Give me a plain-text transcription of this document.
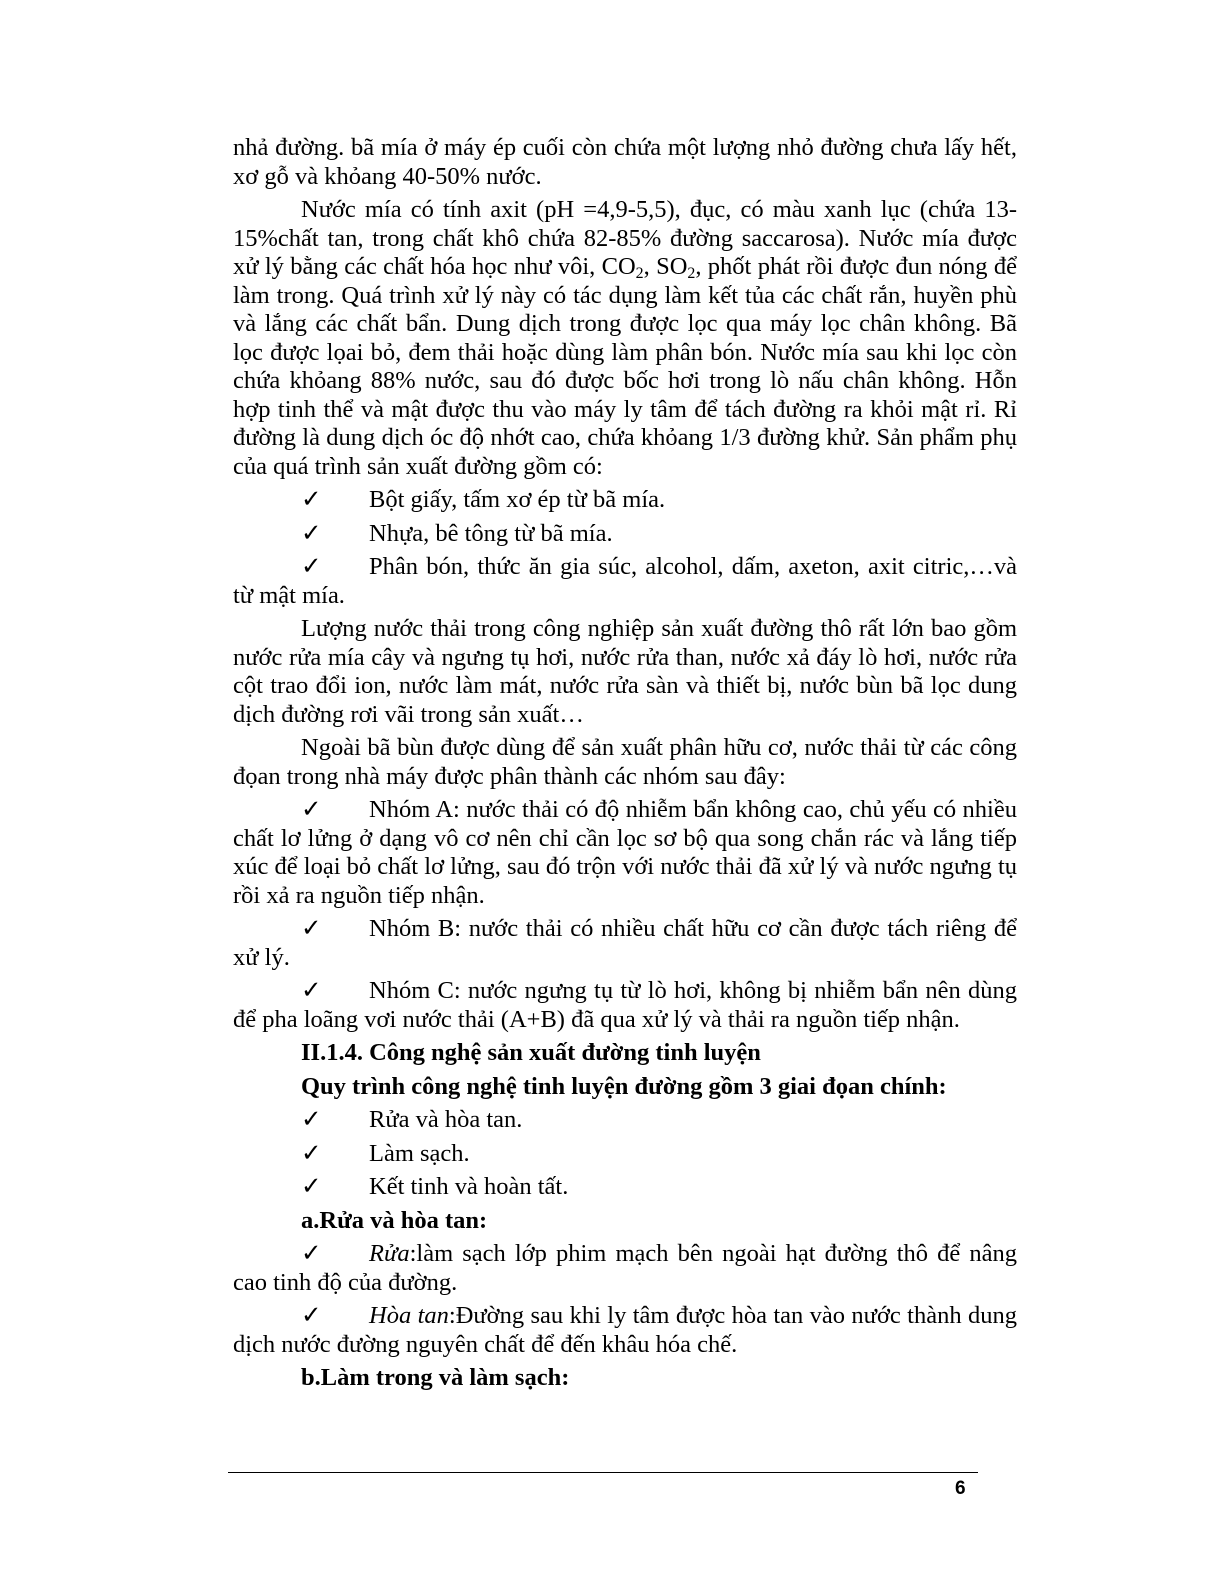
nhả đường. bã mía ở máy ép cuối còn chứa một lượng nhỏ đường chưa lấy hết, xơ gỗ và khỏang 40-50% nước.

Nước mía có tính axit (pH =4,9-5,5), đục, có màu xanh lục (chứa 13-15%chất tan, trong chất khô chứa 82-85% đường saccarosa). Nước mía được xử lý bằng các chất hóa học như vôi, $CO_2$, $SO_2$, phốt phát rồi được đun nóng để làm trong. Quá trình xử lý này có tác dụng làm kết tủa các chất rắn, huyền phù và lắng các chất bẩn. Dung dịch trong được lọc qua máy lọc chân không. Bã lọc được lọai bỏ, đem thải hoặc dùng làm phân bón. Nước mía sau khi lọc còn chứa khỏang 88% nước, sau đó được bốc hơi trong lò nấu chân không. Hỗn hợp tinh thể và mật được thu vào máy ly tâm để tách đường ra khỏi mật rỉ. Rỉ đường là dung dịch óc độ nhớt cao, chứa khỏang 1/3 đường khử. Sản phẩm phụ của quá trình sản xuất đường gồm có:

✓ Bột giấy, tấm xơ ép từ bã mía.
✓ Nhựa, bê tông từ bã mía.

✓ Phân bón, thức ăn gia súc, alcohol, dấm, axeton, axit citric,…và từ mật mía.

Lượng nước thải trong công nghiệp sản xuất đường thô rất lớn bao gồm nước rửa mía cây và ngưng tụ hơi, nước rửa than, nước xả đáy lò hơi, nước rửa cột trao đổi ion, nước làm mát, nước rửa sàn và thiết bị, nước bùn bã lọc dung dịch đường rơi vãi trong sản xuất…

Ngoài bã bùn được dùng để sản xuất phân hữu cơ, nước thải từ các công đọan trong nhà máy được phân thành các nhóm sau đây:

✓ Nhóm A: nước thải có độ nhiễm bẩn không cao, chủ yếu có nhiều chất lơ lửng ở dạng vô cơ nên chỉ cần lọc sơ bộ qua song chắn rác và lắng tiếp xúc để loại bỏ chất lơ lửng, sau đó trộn với nước thải đã xử lý và nước ngưng tụ rồi xả ra nguồn tiếp nhận.

✓ Nhóm B: nước thải có nhiều chất hữu cơ cần được tách riêng để xử lý.

✓ Nhóm C: nước ngưng tụ từ lò hơi, không bị nhiễm bẩn nên dùng để pha loãng vơi nước thải (A+B) đã qua xử lý và thải ra nguồn tiếp nhận.

II.1.4. Công nghệ sản xuất đường tinh luyện
Quy trình công nghệ tinh luyện đường gồm 3 giai đọan chính:
✓ Rửa và hòa tan.
✓ Làm sạch.
✓ Kết tinh và hoàn tất.
a.Rửa và hòa tan:

✓ Rửa:làm sạch lớp phim mạch bên ngoài hạt đường thô để nâng cao tinh độ của đường.

✓ Hòa tan:Đường sau khi ly tâm được hòa tan vào nước thành dung dịch nước đường nguyên chất để đến khâu hóa chế.

b.Làm trong và làm sạch:
6
